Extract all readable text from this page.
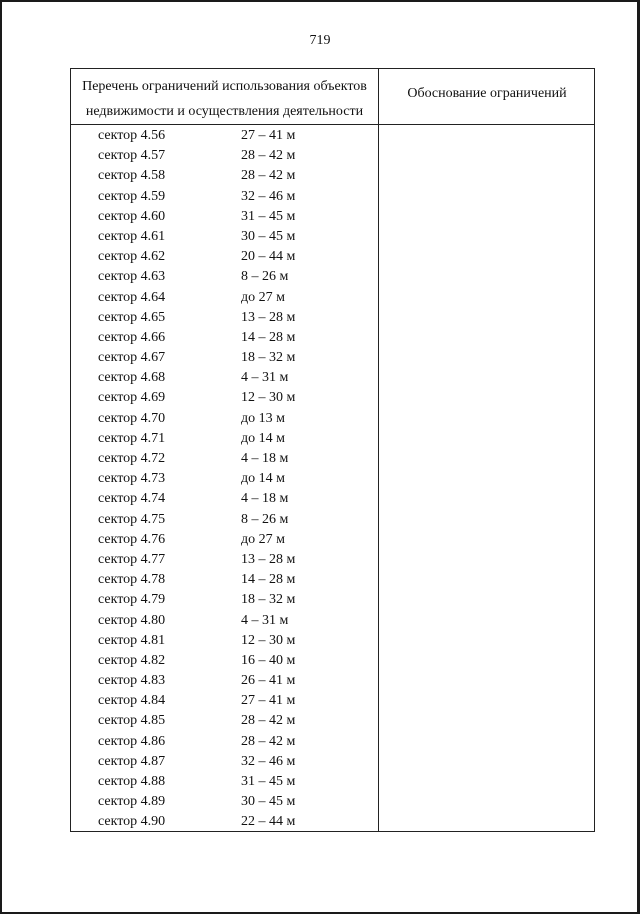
719
Перечень ограничений использования объектов
недвижимости и осуществления деятельности
Обоснование ограничений
сектор 4.56	27 – 41 м
сектор 4.57	28 – 42 м
сектор 4.58	28 – 42 м
сектор 4.59	32 – 46 м
сектор 4.60	31 – 45 м
сектор 4.61	30 – 45 м
сектор 4.62	20 – 44 м
сектор 4.63	8 – 26 м
сектор 4.64	до 27 м
сектор 4.65	13 – 28 м
сектор 4.66	14 – 28 м
сектор 4.67	18 – 32 м
сектор 4.68	4 – 31 м
сектор 4.69	12 – 30 м
сектор 4.70	до 13 м
сектор 4.71	до 14 м
сектор 4.72	4 – 18 м
сектор 4.73	до 14 м
сектор 4.74	4 – 18 м
сектор 4.75	8 – 26 м
сектор 4.76	до 27 м
сектор 4.77	13 – 28 м
сектор 4.78	14 – 28 м
сектор 4.79	18 – 32 м
сектор 4.80	4 – 31 м
сектор 4.81	12 – 30 м
сектор 4.82	16 – 40 м
сектор 4.83	26 – 41 м
сектор 4.84	27 – 41 м
сектор 4.85	28 – 42 м
сектор 4.86	28 – 42 м
сектор 4.87	32 – 46 м
сектор 4.88	31 – 45 м
сектор 4.89	30 – 45 м
сектор 4.90	22 – 44 м
